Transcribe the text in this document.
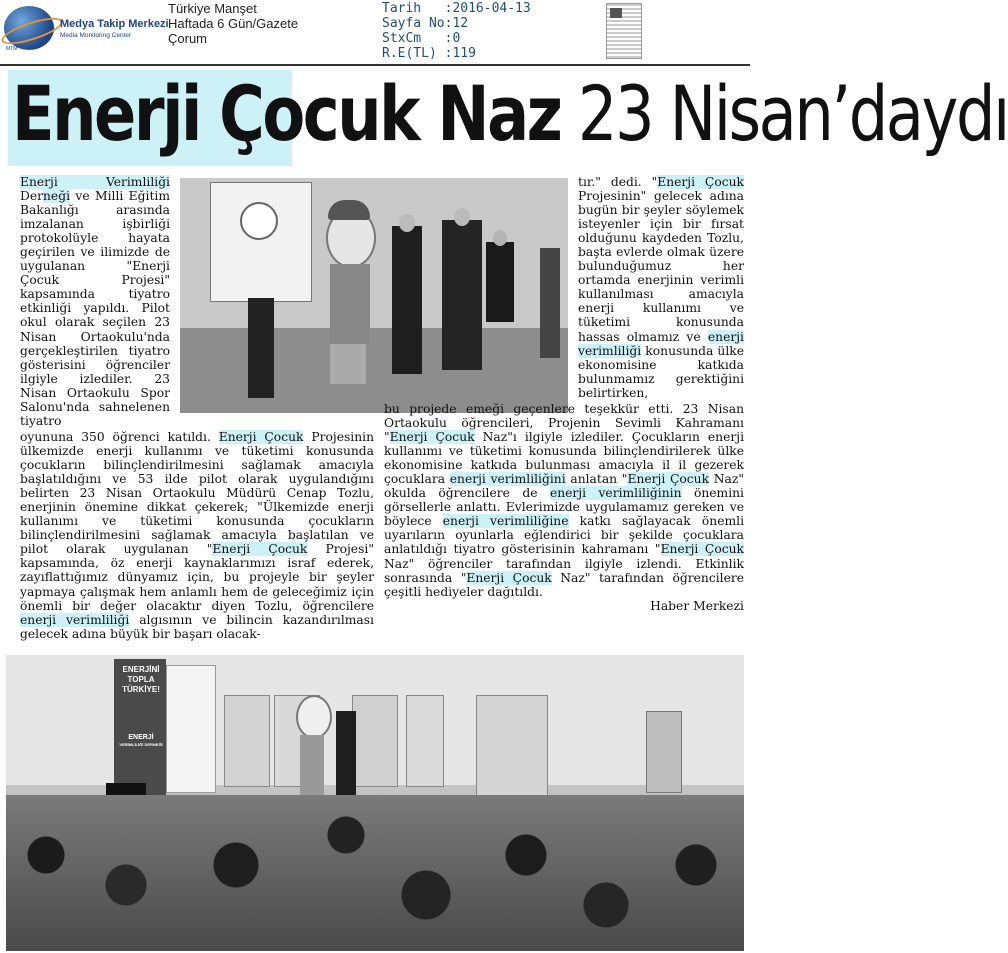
Medya Takip Merkezi
Media Monitoring Center
MTM
Türkiye Manşet
Haftada 6 Gün/Gazete
Çorum
Tarih   :2016-04-13
Sayfa No:12
StxCm   :0
R.E(TL) :119
Enerji Çocuk Naz 23 Nisan’daydı
Enerji Verimliliği Derneği ve Milli Eğitim Bakanlığı arasında imzalanan işbirliği protokolüyle hayata geçirilen ve ilimizde de uygulanan "Enerji Çocuk Projesi" kapsamında tiyatro etkinliği yapıldı. Pilot okul olarak seçilen 23 Nisan Ortaokulu'nda gerçekleştirilen tiyatro gösterisini öğrenciler ilgiyle izlediler. 23 Nisan Ortaokulu Spor Salonu'nda sahnelenen tiyatro
tır." dedi. "Enerji Çocuk Projesinin" gelecek adına bugün bir şeyler söylemek isteyenler için bir fırsat olduğunu kaydeden Tozlu, başta evlerde olmak üzere bulunduğumuz her ortamda enerjinin verimli kullanılması amacıyla enerji kullanımı ve tüketimi konusunda hassas olmamız ve enerji verimliliği konusunda ülke ekonomisine katkıda bulunmamız gerektiğini belirtirken,
oyununa 350 öğrenci katıldı. Enerji Çocuk Projesinin ülkemizde enerji kullanımı ve tüketimi konusunda çocukların bilinçlendirilmesini sağlamak amacıyla başlatıldığını ve 53 ilde pilot olarak uygulandığını belirten 23 Nisan Ortaokulu Müdürü Cenap Tozlu, enerjinin önemine dikkat çekerek; "Ülkemizde enerji kullanımı ve tüketimi konusunda çocukların bilinçlendirilmesini sağlamak amacıyla başlatılan ve pilot olarak uygulanan "Enerji Çocuk Projesi" kapsamında, öz enerji kaynaklarımızı israf ederek, zayıflattığımız dünyamız için, bu projeyle bir şeyler yapmaya çalışmak hem anlamlı hem de geleceğimiz için önemli bir değer olacaktır diyen Tozlu, öğrencilere enerji verimliliği algısının ve bilincin kazandırılması gelecek adına büyük bir başarı olacak-
bu projede emeği geçenlere teşekkür etti. 23 Nisan Ortaokulu öğrencileri, Projenin Sevimli Kahramanı "Enerji Çocuk Naz"ı ilgiyle izlediler. Çocukların enerji kullanımı ve tüketimi konusunda bilinçlendirilerek ülke ekonomisine katkıda bulunması amacıyla il il gezerek çocuklara enerji verimliliğini anlatan "Enerji Çocuk Naz" okulda öğrencilere de enerji verimliliğinin önemini görsellerle anlattı. Evlerimizde uygulamamız gereken ve böylece enerji verimliliğine katkı sağlayacak önemli uyarıların oyunlarla eğlendirici bir şekilde çocuklara anlatıldığı tiyatro gösterisinin kahramanı "Enerji Çocuk Naz" öğrenciler tarafından ilgiyle izlendi. Etkinlik sonrasında "Enerji Çocuk Naz" tarafından öğrencilere çeşitli hediyeler dağıtıldı.
Haber Merkezi
ENERJİNİ
TOPLA
TÜRKİYE!
ENERJİ
VERİMLİLİĞİ DERNEĞİ
